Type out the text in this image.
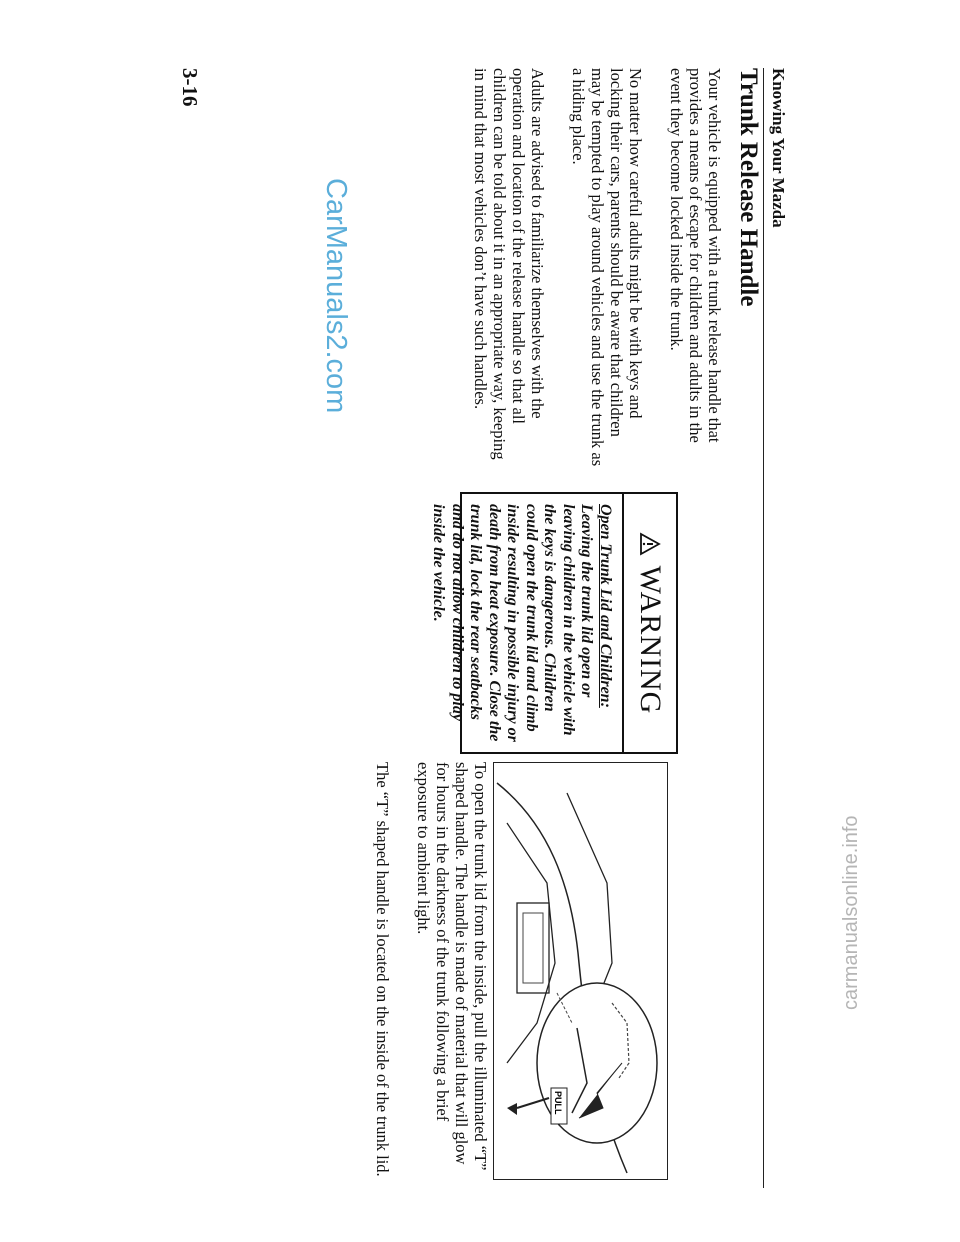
Knowing Your Mazda
Trunk Release Handle

Your vehicle is equipped with a trunk release handle that provides a means of escape for children and adults in the event they become locked inside the trunk.

No matter how careful adults might be with keys and locking their cars, parents should be aware that children may be tempted to play around vehicles and use the trunk as a hiding place.

Adults are advised to familiarize themselves with the operation and location of the release handle so that all children can be told about it in an appropriate way, keeping in mind that most vehicles don’t have such handles.

WARNING
Open Trunk Lid and Children: Leaving the trunk lid open or leaving children in the vehicle with the keys is dangerous. Children could open the trunk lid and climb inside resulting in possible injury or death from heat exposure. Close the trunk lid, lock the rear seatbacks and do not allow children to play inside the vehicle.
PULL

To open the trunk lid from the inside, pull the illuminated “T” shaped handle. The handle is made of material that will glow for hours in the darkness of the trunk following a brief exposure to ambient light.

The “T” shaped handle is located on the inside of the trunk lid.

3-16
CarManuals2.com
carmanualsonline.info
